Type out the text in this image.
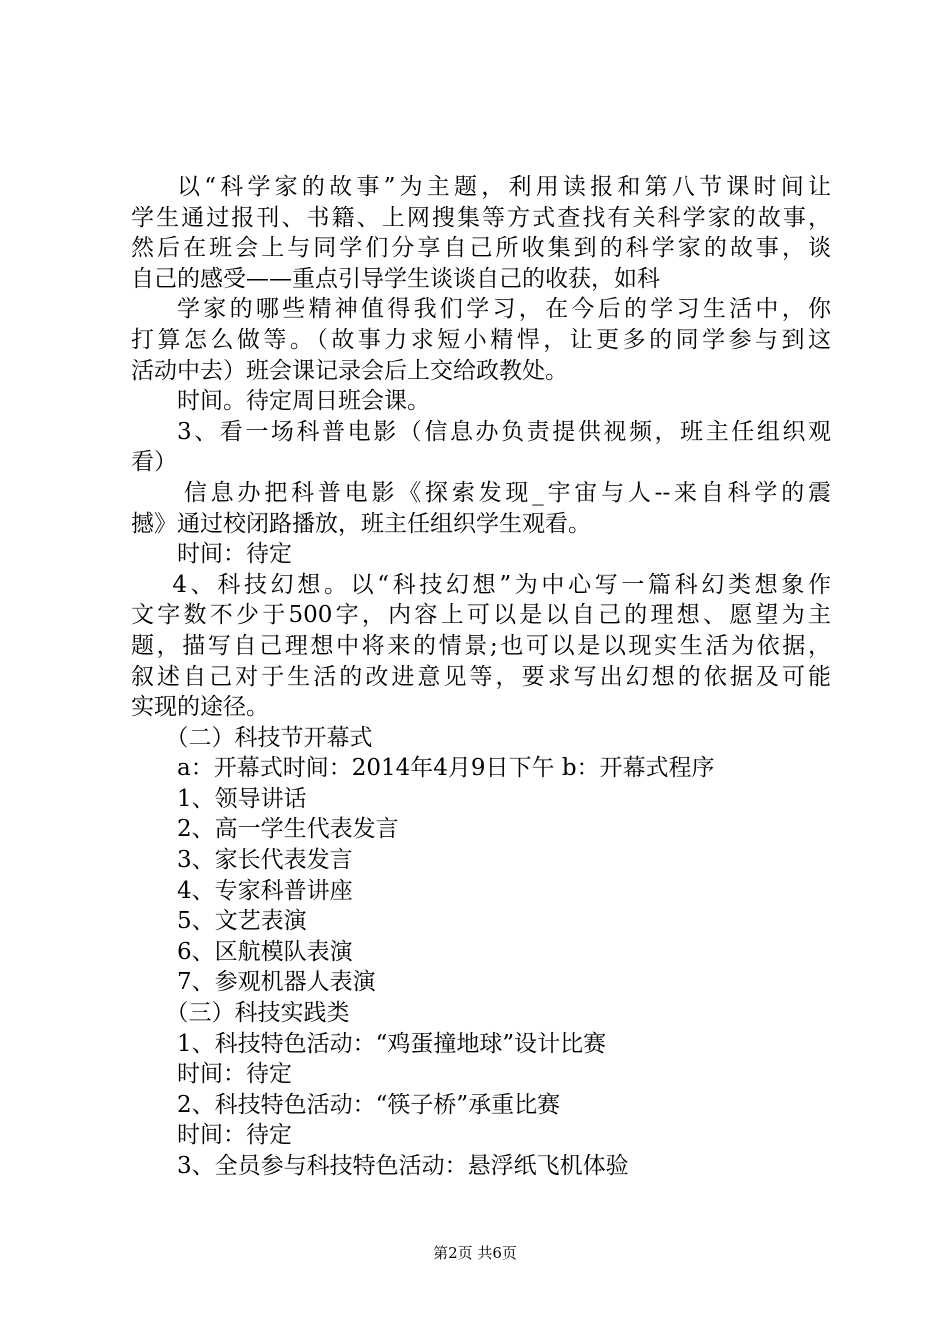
以“科学家的故事”为主题，利用读报和第八节课时间让
学生通过报刊、书籍、上网搜集等方式查找有关科学家的故事，
然后在班会上与同学们分享自己所收集到的科学家的故事，谈
自己的感受——重点引导学生谈谈自己的收获，如科
学家的哪些精神值得我们学习，在今后的学习生活中，你
打算怎么做等。（故事力求短小精悍，让更多的同学参与到这
活动中去）班会课记录会后上交给政教处。
时间。待定周日班会课。
3、看一场科普电影（信息办负责提供视频，班主任组织观
看）
信息办把科普电影《探索发现_宇宙与人--来自科学的震
撼》通过校闭路播放，班主任组织学生观看。
时间：待定
4、科技幻想。以“科技幻想”为中心写一篇科幻类想象作
文字数不少于500字，内容上可以是以自己的理想、愿望为主
题，描写自己理想中将来的情景;也可以是以现实生活为依据，
叙述自己对于生活的改进意见等，要求写出幻想的依据及可能
实现的途径。
（二）科技节开幕式
a：开幕式时间：2014年4月9日下午 b：开幕式程序
1、领导讲话
2、高一学生代表发言
3、家长代表发言
4、专家科普讲座
5、文艺表演
6、区航模队表演
7、参观机器人表演
（三）科技实践类
1、科技特色活动：“鸡蛋撞地球”设计比赛
时间：待定
2、科技特色活动：“筷子桥”承重比赛
时间：待定
3、全员参与科技特色活动：悬浮纸飞机体验
第2页 共6页
